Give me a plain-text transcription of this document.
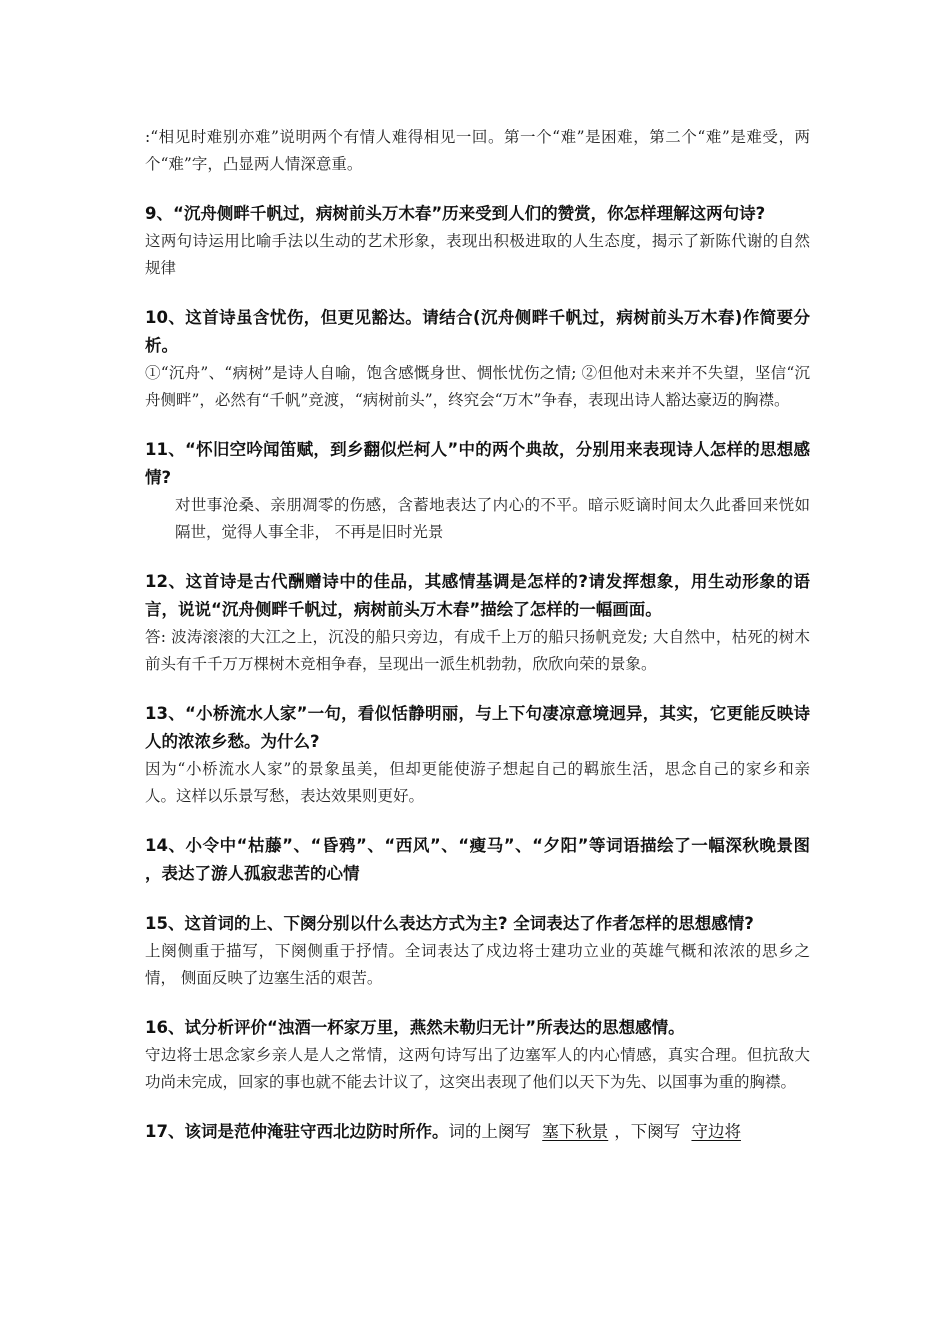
:“相见时难别亦难”说明两个有情人难得相见一回。第一个“难”是困难，第二个“难”是难受，两个“难”字，凸显两人情深意重。

9、“沉舟侧畔千帆过，病树前头万木春”历来受到人们的赞赏，你怎样理解这两句诗?

这两句诗运用比喻手法以生动的艺术形象，表现出积极进取的人生态度，揭示了新陈代谢的自然规律

10、这首诗虽含忧伤，但更见豁达。请结合(沉舟侧畔千帆过，病树前头万木春)作简要分析。

①“沉舟”、“病树”是诗人自喻，饱含感慨身世、惆怅忧伤之情; ②但他对未来并不失望，坚信“沉舟侧畔”，必然有“千帆”竞渡，“病树前头”，终究会“万木”争春，表现出诗人豁达豪迈的胸襟。

11、“怀旧空吟闻笛赋，到乡翻似烂柯人”中的两个典故，分别用来表现诗人怎样的思想感情?

对世事沧桑、亲朋凋零的伤感，含蓄地表达了内心的不平。暗示贬谪时间太久此番回来恍如隔世，觉得人事全非， 不再是旧时光景

12、这首诗是古代酬赠诗中的佳品，其感情基调是怎样的?请发挥想象，用生动形象的语言，说说“沉舟侧畔千帆过，病树前头万木春”描绘了怎样的一幅画面。

答: 波涛滚滚的大江之上，沉没的船只旁边，有成千上万的船只扬帆竞发; 大自然中，枯死的树木前头有千千万万棵树木竞相争春，呈现出一派生机勃勃，欣欣向荣的景象。

13、“小桥流水人家”一句，看似恬静明丽，与上下句凄凉意境迥异，其实，它更能反映诗人的浓浓乡愁。为什么?

因为“小桥流水人家”的景象虽美，但却更能使游子想起自己的羁旅生活，思念自己的家乡和亲人。这样以乐景写愁，表达效果则更好。

14、小令中“枯藤”、“昏鸦”、“西风”、“瘦马”、“夕阳”等词语描绘了一幅深秋晚景图 ，表达了游人孤寂悲苦的心情

15、这首词的上、下阕分别以什么表达方式为主? 全词表达了作者怎样的思想感情?

上阕侧重于描写，下阕侧重于抒情。全词表达了戍边将士建功立业的英雄气概和浓浓的思乡之情， 侧面反映了边塞生活的艰苦。

16、试分析评价“浊酒一杯家万里，燕然未勒归无计”所表达的思想感情。

守边将士思念家乡亲人是人之常情，这两句诗写出了边塞军人的内心情感，真实合理。但抗敌大功尚未完成，回家的事也就不能去计议了，这突出表现了他们以天下为先、以国事为重的胸襟。

17、该词是范仲淹驻守西北边防时所作。词的上阕写 塞下秋景 ，下阕写 守边将
